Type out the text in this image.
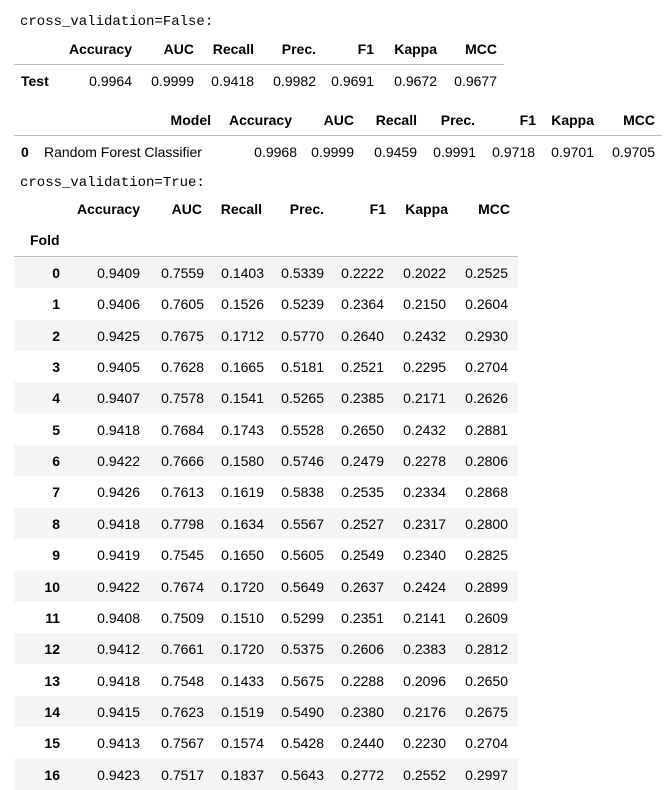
cross_validation=False:
Accuracy	AUC	Recall	Prec.	F1	Kappa	MCC
Test	0.9964	0.9999	0.9418	0.9982	0.9691	0.9672	0.9677
Model	Accuracy	AUC	Recall	Prec.	F1	Kappa	MCC
0 Random Forest Classifier	0.9968	0.9999	0.9459	0.9991	0.9718	0.9701	0.9705
cross_validation=True:
Accuracy	AUC	Recall	Prec.	F1	Kappa	MCC
Fold
0	0.9409	0.7559	0.1403	0.5339	0.2222	0.2022	0.2525
1	0.9406	0.7605	0.1526	0.5239	0.2364	0.2150	0.2604
2	0.9425	0.7675	0.1712	0.5770	0.2640	0.2432	0.2930
3	0.9405	0.7628	0.1665	0.5181	0.2521	0.2295	0.2704
4	0.9407	0.7578	0.1541	0.5265	0.2385	0.2171	0.2626
5	0.9418	0.7684	0.1743	0.5528	0.2650	0.2432	0.2881
6	0.9422	0.7666	0.1580	0.5746	0.2479	0.2278	0.2806
7	0.9426	0.7613	0.1619	0.5838	0.2535	0.2334	0.2868
8	0.9418	0.7798	0.1634	0.5567	0.2527	0.2317	0.2800
9	0.9419	0.7545	0.1650	0.5605	0.2549	0.2340	0.2825
10	0.9422	0.7674	0.1720	0.5649	0.2637	0.2424	0.2899
11	0.9408	0.7509	0.1510	0.5299	0.2351	0.2141	0.2609
12	0.9412	0.7661	0.1720	0.5375	0.2606	0.2383	0.2812
13	0.9418	0.7548	0.1433	0.5675	0.2288	0.2096	0.2650
14	0.9415	0.7623	0.1519	0.5490	0.2380	0.2176	0.2675
15	0.9413	0.7567	0.1574	0.5428	0.2440	0.2230	0.2704
16	0.9423	0.7517	0.1837	0.5643	0.2772	0.2552	0.2997
